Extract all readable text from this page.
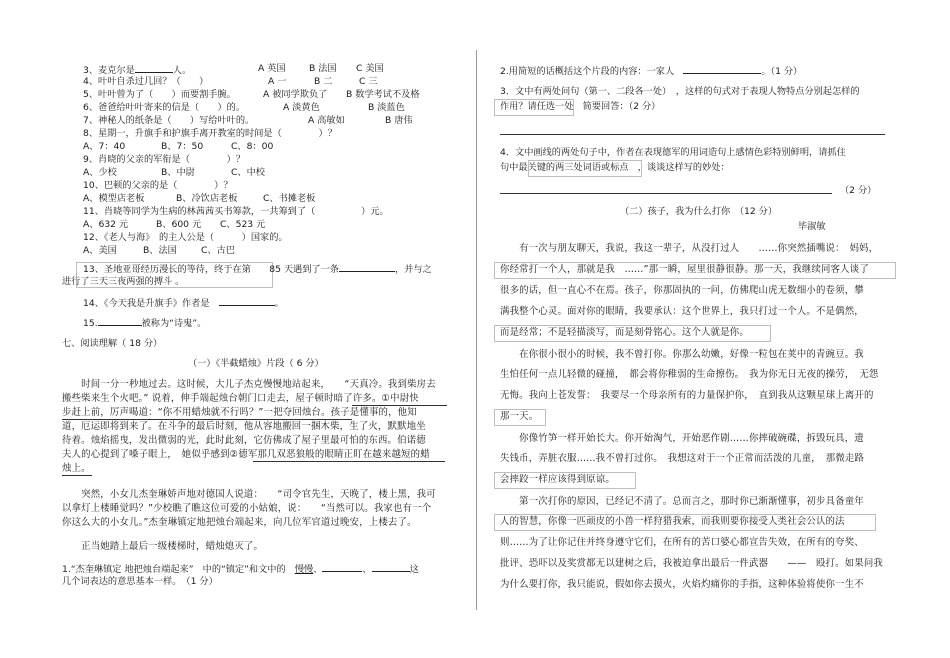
3、麦克尔是	人。	A 英国	B 法国 C 美国
4、叶叶自杀过几回？（　　）	A 一	B 二	C 三
5、叶叶曾为了（　　）而要割手腕。	A 被同学欺负了 B 数学考试不及格
6、爸爸给叶叶寄来的信是（　　）的。	A 淡黄色	B 淡蓝色
7、神秘人的纸条是（　　）写给叶叶的。	A 高敏如	B 唐伟
8、星期一，升旗手和护旗手离开教室的时间是（　　　　）？
A、7：40	B、7：50	C、8：00
9、肖晓的父亲的军衔是（　　　　）？
A、少校	B、中尉	C、中校
10、巴顿的父亲的是（　　　　）？
A、模型店老板	B、冷饮店老板	C、书摊老板
11、肖晓等同学为生病的林茜茜买书筹款，一共筹到了（　　　　　）元。
A、632 元	B、600 元 C、523 元
12、《老人与海》　的主人公是（　　　）国家的。
A、美国	B、法国	C、古巴
13、圣地亚哥经历漫长的等待，终于在第　　85 天遇到了一条	，并与之
进行了三天三夜两强的搏斗 。
14、《今天我是升旗手》作者是　	。
15.	被称为“诗鬼”。
七、阅读理解（ 18 分）
（一）《半截蜡烛》片段（ 6 分）
　　时间一分一秒地过去。这时候，大儿子杰克慢慢地站起来，　　“天真冷。我到柴房去
搬些柴来生个火吧。” 说着，伸手端起烛台朝门口走去，屋子顿时暗了许多。①中尉快
步赶上前，厉声喝道：“你不用蜡烛就不行吗？”一把夺回烛台。孩子是懂事的，他知
道，厄运即将到来了。在斗争的最后时刻，他从容地搬回一捆木柴，生了火，默默地坐
待着。烛焰摇曳，发出微弱的光，此时此刻，它仿佛成了屋子里最可怕的东西。伯诺德
夫人的心提到了嗓子眼上，　她似乎感到②德军那几双恶狼般的眼睛正盯在越来越短的蜡
烛上。
　　突然，小女儿杰奎琳娇声地对德国人说道：　　“司令官先生，天晚了，楼上黑，我可
以拿灯上楼睡觉吗？”少校瞧了瞧这位可爱的小姑娘，说：　　“当然可以。我家也有一个
你这么大的小女儿。”杰奎琳镇定地把烛台端起来，向几位军官道过晚安，上楼去了。
　　正当她踏上最后一级楼梯时，蜡烛熄灭了。
1.“杰奎琳镇定 地把烛台端起来”　中的“镇定”和文中的　慢慢、	、	这
几个词表达的意思基本一样。　（1 分）
2.用简短的话概括这个片段的内容：一家人　	。（1 分）
3．文中有两处问句（第一、二段各一处）　，这样的句式对于表现人物特点分别起怎样的
作用？请任选一处　简要回答：（2 分）
4．文中画线的两处句子中，作者在表现德军的用词造句上感情色彩特别鲜明，请抓住
句中最关键的两三处词语或标点　，谈谈这样写的妙处：
（2 分）
（二）孩子，我为什么打你　（12 分）
毕淑敏
　　有一次与朋友聊天，我说，我这一辈子，从没打过人　　……你突然插嘴说：　妈妈，
你经常打一个人，那就是我　……”那一瞬，屋里很静很静。那一天，我继续同客人谈了
很多的话，但一直心不在焉。孩子，你那固执的一问，仿佛爬山虎无数细小的卷须，攀
满我整个心灵。面对你的眼睛，我要承认：这个世界上，我只打过一个人。不是偶然，
而是经常；不是轻描淡写，而是刻骨铭心。这个人就是你。
　　在你很小很小的时候，我不曾打你。你那么幼嫩，好像一粒包在荚中的青豌豆。我
生怕任何一点儿轻微的碰撞，　都会将你稚弱的生命擦伤。　我为你无日无夜的操劳，　无怨
无悔。我向上苍发誓：　我要尽一个母亲所有的力量保护你，　直到我从这颗星球上离开的
那一天。
　　你像竹笋一样开始长大。你开始淘气，开始恶作剧……你摔破碗碟，拆毁玩具，遗
失钱币，弄脏衣服……我不曾打过你。　我想这对于一个正常而活泼的儿童，　那微走路
会摔跤一样应该得到原谅。
　　第一次打你的原因，已经记不清了。总而言之，那时你已渐渐懂事，初步具备童年
人的智慧，你像一匹顽皮的小兽一样狩猎我索，而我则要你接受人类社会公认的法
则……为了让你记住并终身遵守它们，在所有的苦口婆心都宣告失效，在所有的夸奖、
批评、恐吓以及奖赏都无以建树之后，我被迫拿出最后一件武器　　——　殴打。如果问我
为什么要打你，我只能说，假如你去摸火，火焰灼痛你的手指，这种体验将使你一生不
